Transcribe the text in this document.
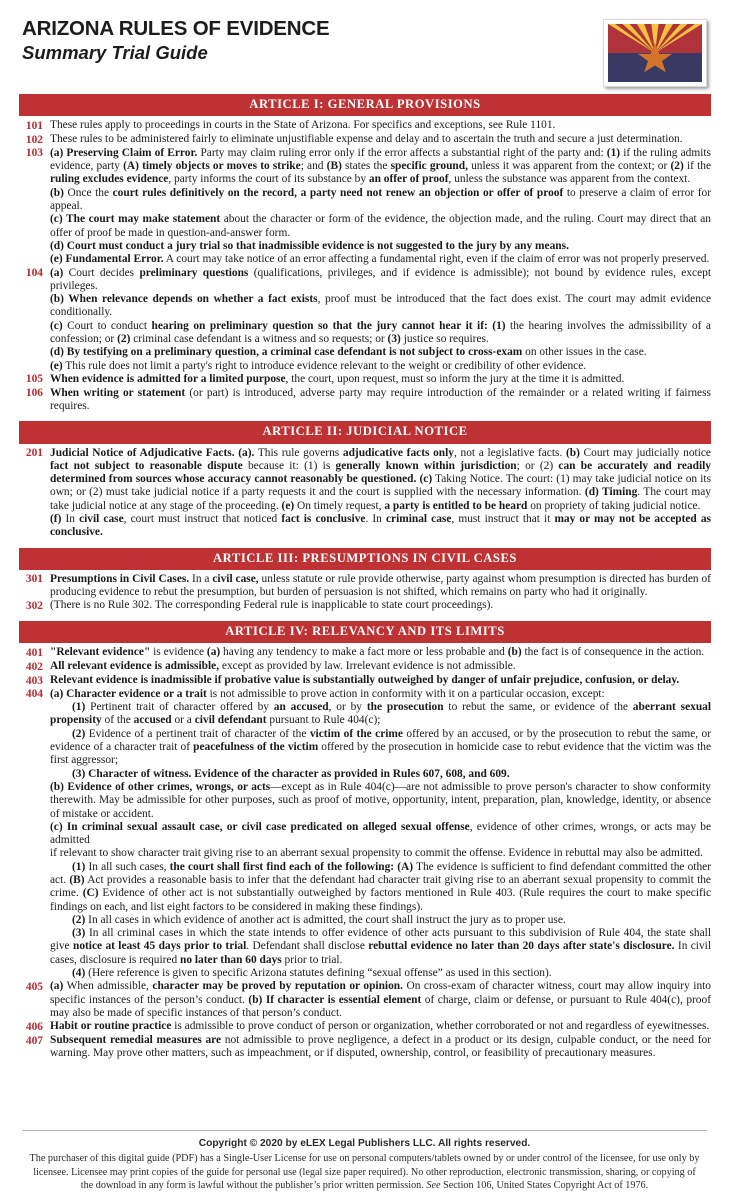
ARIZONA RULES OF EVIDENCE
Summary Trial Guide
ARTICLE I: GENERAL PROVISIONS
101 These rules apply to proceedings in courts in the State of Arizona. For specifics and exceptions, see Rule 1101.

102 These rules to be administered fairly to eliminate unjustifiable expense and delay and to ascertain the truth and secure a just determination.

103 (a) Preserving Claim of Error. Party may claim ruling error only if the error affects a substantial right of the party and: (1) if the ruling admits evidence, party (A) timely objects or moves to strike; and (B) states the specific ground, unless it was apparent from the context; or (2) if the ruling excludes evidence, party informs the court of its substance by an offer of proof, unless the substance was apparent from the context.

(b) Once the court rules definitively on the record, a party need not renew an objection or offer of proof to preserve a claim of error for appeal.

(c) The court may make statement about the character or form of the evidence, the objection made, and the ruling. Court may direct that an offer of proof be made in question-and-answer form.

(d) Court must conduct a jury trial so that inadmissible evidence is not suggested to the jury by any means.

(e) Fundamental Error. A court may take notice of an error affecting a fundamental right, even if the claim of error was not properly preserved.

104 (a) Court decides preliminary questions (qualifications, privileges, and if evidence is admissible); not bound by evidence rules, except privileges.

(b) When relevance depends on whether a fact exists, proof must be introduced that the fact does exist. The court may admit evidence conditionally.

(c) Court to conduct hearing on preliminary question so that the jury cannot hear it if: (1) the hearing involves the admissibility of a confession; or (2) criminal case defendant is a witness and so requests; or (3) justice so requires.

(d) By testifying on a preliminary question, a criminal case defendant is not subject to cross-exam on other issues in the case.

(e) This rule does not limit a party's right to introduce evidence relevant to the weight or credibility of other evidence.

105 When evidence is admitted for a limited purpose, the court, upon request, must so inform the jury at the time it is admitted.

106 When writing or statement (or part) is introduced, adverse party may require introduction of the remainder or a related writing if fairness requires.

ARTICLE II: JUDICIAL NOTICE
201 Judicial Notice of Adjudicative Facts. (a). This rule governs adjudicative facts only, not a legislative facts. (b) Court may judicially notice fact not subject to reasonable dispute because it: (1) is generally known within jurisdiction; or (2) can be accurately and readily determined from sources whose accuracy cannot reasonably be questioned. (c) Taking Notice. The court: (1) may take judicial notice on its own; or (2) must take judicial notice if a party requests it and the court is supplied with the necessary information. (d) Timing. The court may take judicial notice at any stage of the proceeding. (e) On timely request, a party is entitled to be heard on propriety of taking judicial notice.

(f) In civil case, court must instruct that noticed fact is conclusive. In criminal case, must instruct that it may or may not be accepted as conclusive.

ARTICLE III: PRESUMPTIONS IN CIVIL CASES
301 Presumptions in Civil Cases. In a civil case, unless statute or rule provide otherwise, party against whom presumption is directed has burden of producing evidence to rebut the presumption, but burden of persuasion is not shifted, which remains on party who had it originally.

302 (There is no Rule 302. The corresponding Federal rule is inapplicable to state court proceedings).

ARTICLE IV: RELEVANCY AND ITS LIMITS
401 "Relevant evidence" is evidence (a) having any tendency to make a fact more or less probable and (b) the fact is of consequence in the action.

402 All relevant evidence is admissible, except as provided by law. Irrelevant evidence is not admissible.

403 Relevant evidence is inadmissible if probative value is substantially outweighed by danger of unfair prejudice, confusion, or delay.

404 (a) Character evidence or a trait is not admissible to prove action in conformity with it on a particular occasion, except:

(1) Pertinent trait of character offered by an accused, or by the prosecution to rebut the same, or evidence of the aberrant sexual propensity of the accused or a civil defendant pursuant to Rule 404(c);

(2) Evidence of a pertinent trait of character of the victim of the crime offered by an accused, or by the prosecution to rebut the same, or evidence of a character trait of peacefulness of the victim offered by the prosecution in homicide case to rebut evidence that the victim was the first aggressor;

(3) Character of witness. Evidence of the character as provided in Rules 607, 608, and 609.

(b) Evidence of other crimes, wrongs, or acts—except as in Rule 404(c)—are not admissible to prove person's character to show conformity therewith. May be admissible for other purposes, such as proof of motive, opportunity, intent, preparation, plan, knowledge, identity, or absence of mistake or accident.

(c) In criminal sexual assault case, or civil case predicated on alleged sexual offense, evidence of other crimes, wrongs, or acts may be admitted

if relevant to show character trait giving rise to an aberrant sexual propensity to commit the offense. Evidence in rebuttal may also be admitted.

(1) In all such cases, the court shall first find each of the following: (A) The evidence is sufficient to find defendant committed the other act. (B) Act provides a reasonable basis to infer that the defendant had character trait giving rise to an aberrant sexual propensity to commit the crime. (C) Evidence of other act is not substantially outweighed by factors mentioned in Rule 403. (Rule requires the court to make specific findings on each, and list eight factors to be considered in making these findings).

(2) In all cases in which evidence of another act is admitted, the court shall instruct the jury as to proper use.

(3) In all criminal cases in which the state intends to offer evidence of other acts pursuant to this subdivision of Rule 404, the state shall give notice at least 45 days prior to trial. Defendant shall disclose rebuttal evidence no later than 20 days after state's disclosure. In civil cases, disclosure is required no later than 60 days prior to trial.

(4) (Here reference is given to specific Arizona statutes defining “sexual offense” as used in this section).

405 (a) When admissible, character may be proved by reputation or opinion. On cross-exam of character witness, court may allow inquiry into specific instances of the person’s conduct. (b) If character is essential element of charge, claim or defense, or pursuant to Rule 404(c), proof may also be made of specific instances of that person’s conduct.

406 Habit or routine practice is admissible to prove conduct of person or organization, whether corroborated or not and regardless of eyewitnesses.

407 Subsequent remedial measures are not admissible to prove negligence, a defect in a product or its design, culpable conduct, or the need for warning. May prove other matters, such as impeachment, or if disputed, ownership, control, or feasibility of precautionary measures.

Copyright © 2020 by eLEX Legal Publishers LLC. All rights reserved.
The purchaser of this digital guide (PDF) has a Single-User License for use on personal computers/tablets owned by or under control of the licensee, for use only by licensee. Licensee may print copies of the guide for personal use (legal size paper required). No other reproduction, electronic transmission, sharing, or copying of the download in any form is lawful without the publisher’s prior written permission. See Section 106, United States Copyright Act of 1976.
